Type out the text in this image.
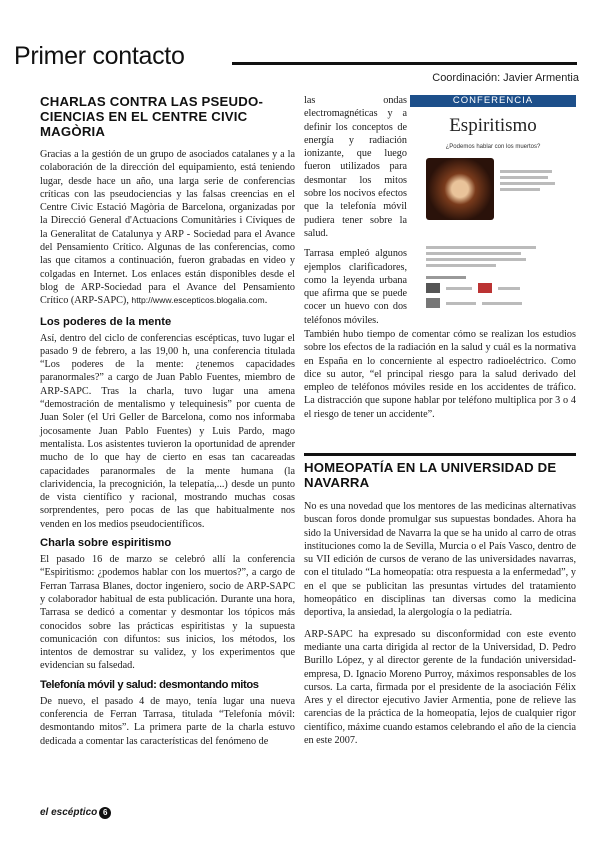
Primer contacto
Coordinación: Javier Armentia
CHARLAS CONTRA LAS PSEUDO-CIENCIAS EN EL CENTRE CIVIC MAGÒRIA
Gracias a la gestión de un grupo de asociados catalanes y a la colaboración de la dirección del equipamiento, está teniendo lugar, desde hace un año, una larga serie de conferencias críticas con las pseudociencias y las falsas creencias en el Centre Civic Estació Magòria de Barcelona, organizadas por la Direcció General d'Actuacions Comunitàries i Cíviques de la Generalitat de Catalunya y ARP - Sociedad para el Avance del Pensamiento Crítico. Algunas de las conferencias, como las que citamos a continuación, fueron grabadas en video y colgadas en Internet. Los enlaces están disponibles desde el blog de ARP-Sociedad para el Avance del Pensamiento Crítico (ARP-SAPC), http://www.escepticos.blogalia.com.
Los poderes de la mente
Así, dentro del ciclo de conferencias escépticas, tuvo lugar el pasado 9 de febrero, a las 19,00 h, una conferencia titulada “Los poderes de la mente: ¿tenemos capacidades paranormales?” a cargo de Juan Pablo Fuentes, miembro de ARP-SAPC. Tras la charla, tuvo lugar una amena “demostración de mentalismo y telequinesis” por cuenta de Juan Soler (el Uri Geller de Barcelona, como nos informaba jocosamente Juan Pablo Fuentes) y Luis Pardo, mago mentalista. Los asistentes tuvieron la oportunidad de aprender mucho de lo que hay de cierto en esas tan cacareadas capacidades paranormales de la mente humana (la clarividencia, la precognición, la telepatía,...) desde un punto de vista científico y racional, mostrando muchas cosas sorprendentes, pero pocas de las que habitualmente nos venden en los medios pseudocientíficos.
Charla sobre espiritismo
El pasado 16 de marzo se celebró allí la conferencia “Espiritismo: ¿podemos hablar con los muertos?”, a cargo de Ferran Tarrasa Blanes, doctor ingeniero, socio de ARP-SAPC y colaborador habitual de esta publicación. Durante una hora, Tarrasa se dedicó a comentar y desmontar los tópicos más conocidos sobre las prácticas espiritistas y la supuesta comunicación con difuntos: sus inicios, los métodos, los intentos de demostrar su validez, y los experimentos que evidencian su falsedad.
Telefonía móvil y salud: desmontando mitos
De nuevo, el pasado 4 de mayo, tenía lugar una nueva conferencia de Ferran Tarrasa, titulada “Telefonía móvil: desmontando mitos”. La primera parte de la charla estuvo dedicada a comentar las características del fenómeno de
las ondas electromagnéticas y a definir los conceptos de energía y radiación ionizante, que luego fueron utilizados para desmontar los mitos sobre los nocivos efectos que la telefonía móvil pudiera tener sobre la salud.
Tarrasa empleó algunos ejemplos clarificadores, como la leyenda urbana que afirma que se puede cocer un huevo con dos teléfonos móviles.
CONFERENCIA
Espiritismo
¿Podemos hablar con los muertos?
También hubo tiempo de comentar cómo se realizan los estudios sobre los efectos de la radiación en la salud y cuál es la normativa en España en lo concerniente al espectro radioeléctrico. Como dice su autor, “el principal riesgo para la salud derivado del empleo de teléfonos móviles reside en los accidentes de tráfico. La distracción que supone hablar por teléfono multiplica por 3 o 4 el riesgo de tener un accidente”.
HOMEOPATÍA EN LA UNIVERSIDAD DE NAVARRA
No es una novedad que los mentores de las medicinas alternativas buscan foros donde promulgar sus supuestas bondades. Ahora ha sido la Universidad de Navarra la que se ha unido al carro de otras instituciones como la de Sevilla, Murcia o el País Vasco, dentro de su VII edición de cursos de verano de las universidades navarras, con el titulado “La homeopatía: otra respuesta a la enfermedad”, y en el que se publicitan las presuntas virtudes del tratamiento homeopático en disciplinas tan diversas como la medicina deportiva, la ansiedad, la alergología o la pediatría.
ARP-SAPC ha expresado su disconformidad con este evento mediante una carta dirigida al rector de la Universidad, D. Pedro Burillo López, y al director gerente de la fundación universidad-empresa, D. Ignacio Moreno Purroy, máximos responsables de los cursos. La carta, firmada por el presidente de la asociación Félix Ares y el director ejecutivo Javier Armentia, pone de relieve las carencias de la práctica de la homeopatía, lejos de cualquier rigor científico, máxime cuando estamos celebrando el año de la ciencia en este 2007.
el escéptico 6
